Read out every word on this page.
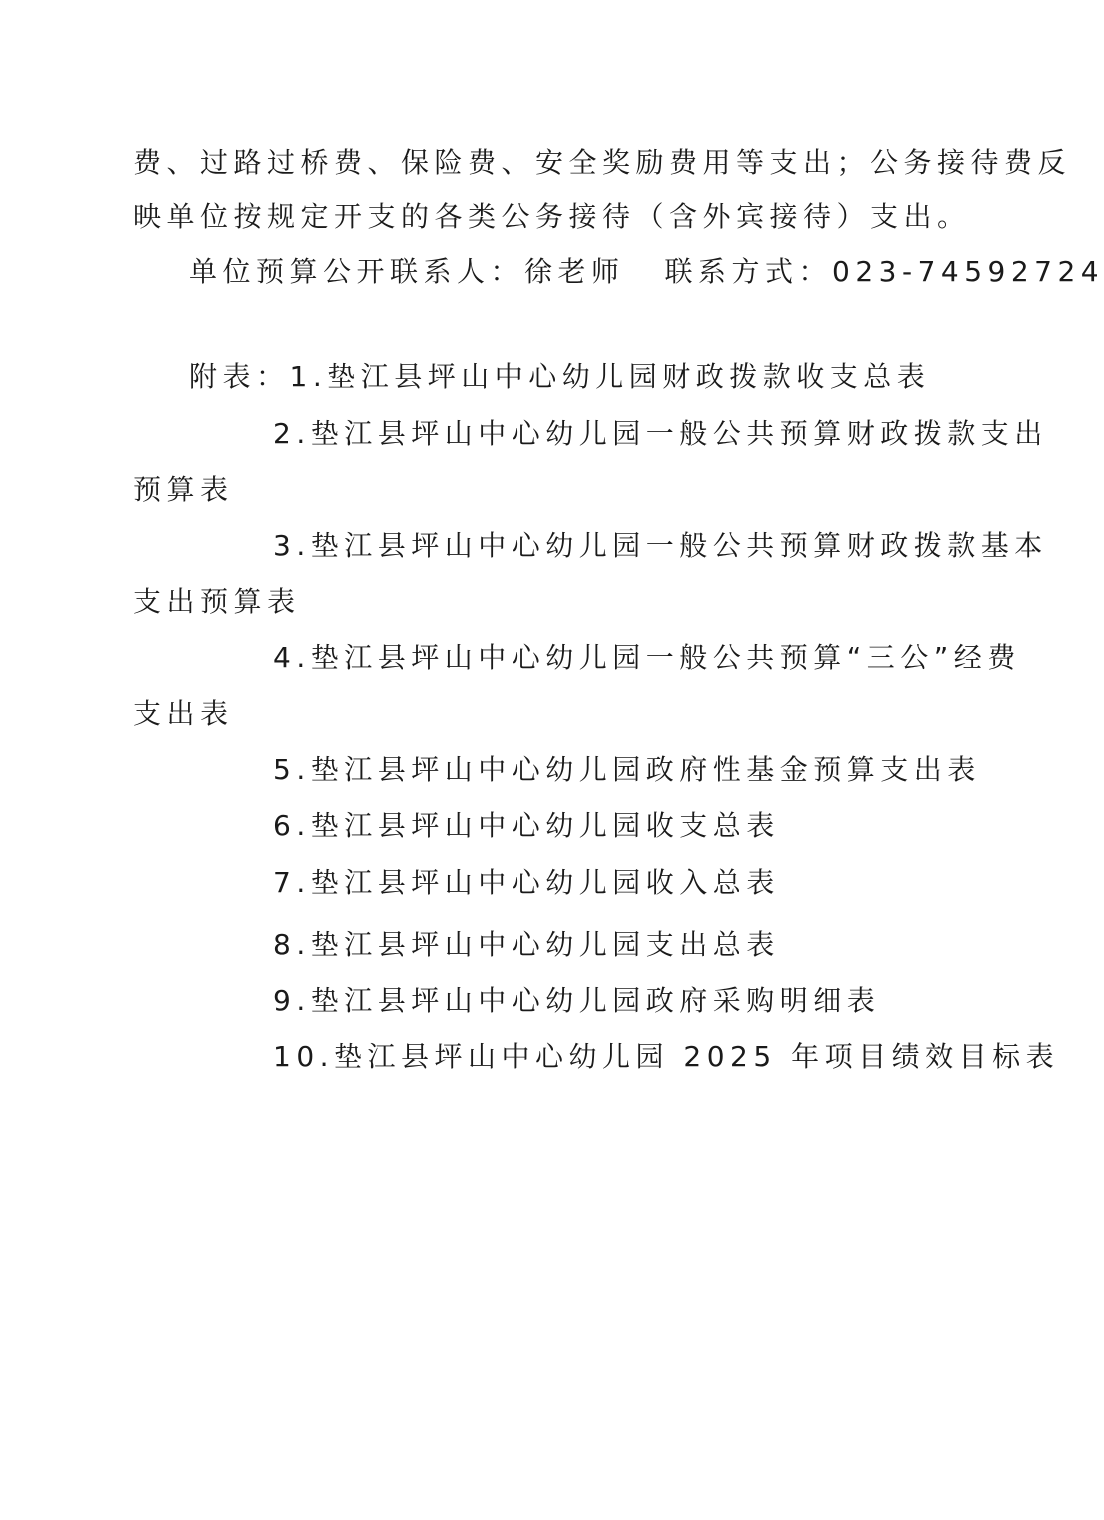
费、过路过桥费、保险费、安全奖励费用等支出；公务接待费反
映单位按规定开支的各类公务接待（含外宾接待）支出。
单位预算公开联系人：徐老师 联系方式：023-74592724
附表：1.垫江县坪山中心幼儿园财政拨款收支总表
2.垫江县坪山中心幼儿园一般公共预算财政拨款支出
预算表
3.垫江县坪山中心幼儿园一般公共预算财政拨款基本
支出预算表
4.垫江县坪山中心幼儿园一般公共预算“三公”经费
支出表
5.垫江县坪山中心幼儿园政府性基金预算支出表
6.垫江县坪山中心幼儿园收支总表
7.垫江县坪山中心幼儿园收入总表
8.垫江县坪山中心幼儿园支出总表
9.垫江县坪山中心幼儿园政府采购明细表
10.垫江县坪山中心幼儿园 2025 年项目绩效目标表
